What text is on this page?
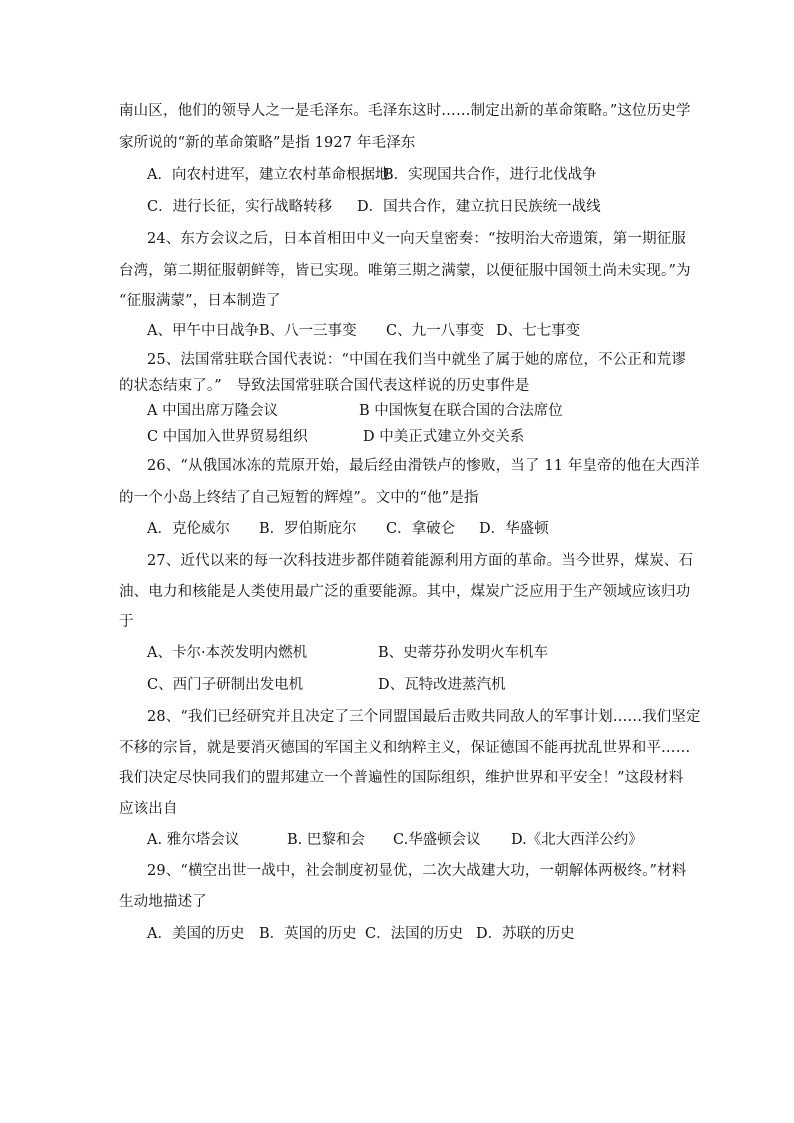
南山区，他们的领导人之一是毛泽东。毛泽东这时……制定出新的革命策略。”这位历史学
家所说的“新的革命策略”是指 1927 年毛泽东
A．向农村进军，建立农村革命根据地
B．实现国共合作，进行北伐战争
C．进行长征，实行战略转移 D．国共合作，建立抗日民族统一战线
24、东方会议之后，日本首相田中义一向天皇密奏：“按明治大帝遗策，第一期征服
台湾，第二期征服朝鲜等，皆已实现。唯第三期之满蒙，以便征服中国领土尚未实现。”为
“征服满蒙”，日本制造了
A、甲午中日战争 B、八一三事变 C、九一八事变 D、七七事变
25、法国常驻联合国代表说：“中国在我们当中就坐了属于她的席位，不公正和荒谬
的状态结束了。”　导致法国常驻联合国代表这样说的历史事件是
A 中国出席万隆会议	B 中国恢复在联合国的合法席位
C 中国加入世界贸易组织	D 中美正式建立外交关系
26、“从俄国冰冻的荒原开始，最后经由滑铁卢的惨败，当了 11 年皇帝的他在大西洋
的一个小岛上终结了自己短暂的辉煌”。文中的“他”是指
A．克伦威尔 B．罗伯斯庇尔 C．拿破仑 D．华盛顿
27、近代以来的每一次科技进步都伴随着能源利用方面的革命。当今世界，煤炭、石
油、电力和核能是人类使用最广泛的重要能源。其中，煤炭广泛应用于生产领域应该归功
于
A、卡尔·本茨发明内燃机	B、史蒂芬孙发明火车机车
C、西门子研制出发电机	D、瓦特改进蒸汽机
28、“我们已经研究并且决定了三个同盟国最后击败共同敌人的军事计划……我们坚定
不移的宗旨，就是要消灭德国的军国主义和纳粹主义，保证德国不能再扰乱世界和平……
我们决定尽快同我们的盟邦建立一个普遍性的国际组织，维护世界和平安全！”这段材料
应该出自
A. 雅尔塔会议	B. 巴黎和会 C.华盛顿会议 D.《北大西洋公约》
29、“横空出世一战中，社会制度初显优，二次大战建大功，一朝解体两极终。”材料
生动地描述了
A．美国的历史 B．英国的历史 C．法国的历史 D．苏联的历史
